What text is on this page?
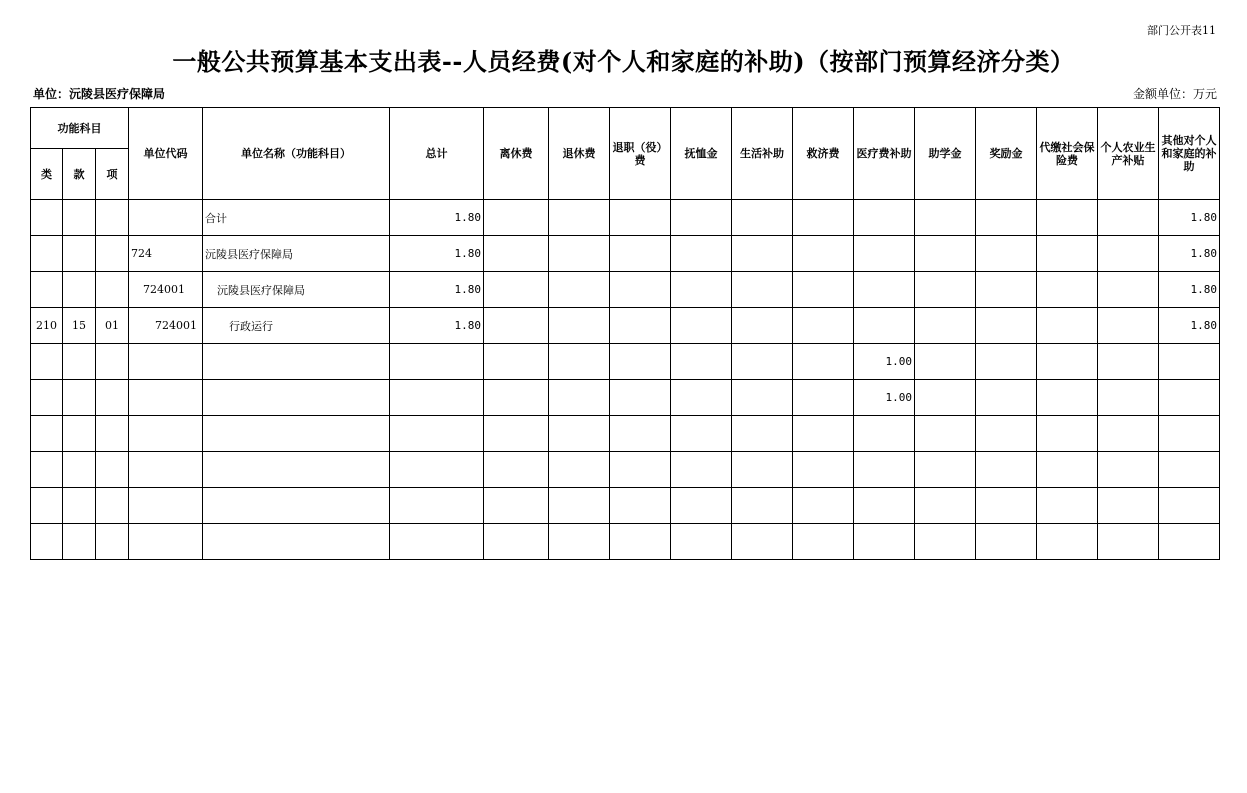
部门公开表11
一般公共预算基本支出表--人员经费(对个人和家庭的补助)（按部门预算经济分类）
单位：沅陵县医疗保障局	金额单位：万元
功能科目			单位代码	单位名称（功能科目）	总计	离休费	退休费	退职（役）费	抚恤金	生活补助	救济费	医疗费补助	助学金	奖励金	代缴社会保险费	个人农业生产补贴	其他对个人和家庭的补助
类	款	项															
				合计	1.80												1.80
			724	沅陵县医疗保障局	1.80												1.80
			724001	沅陵县医疗保障局	1.80												1.80
210	15	01	724001	行政运行	1.80												1.80
												1.00					
												1.00					
